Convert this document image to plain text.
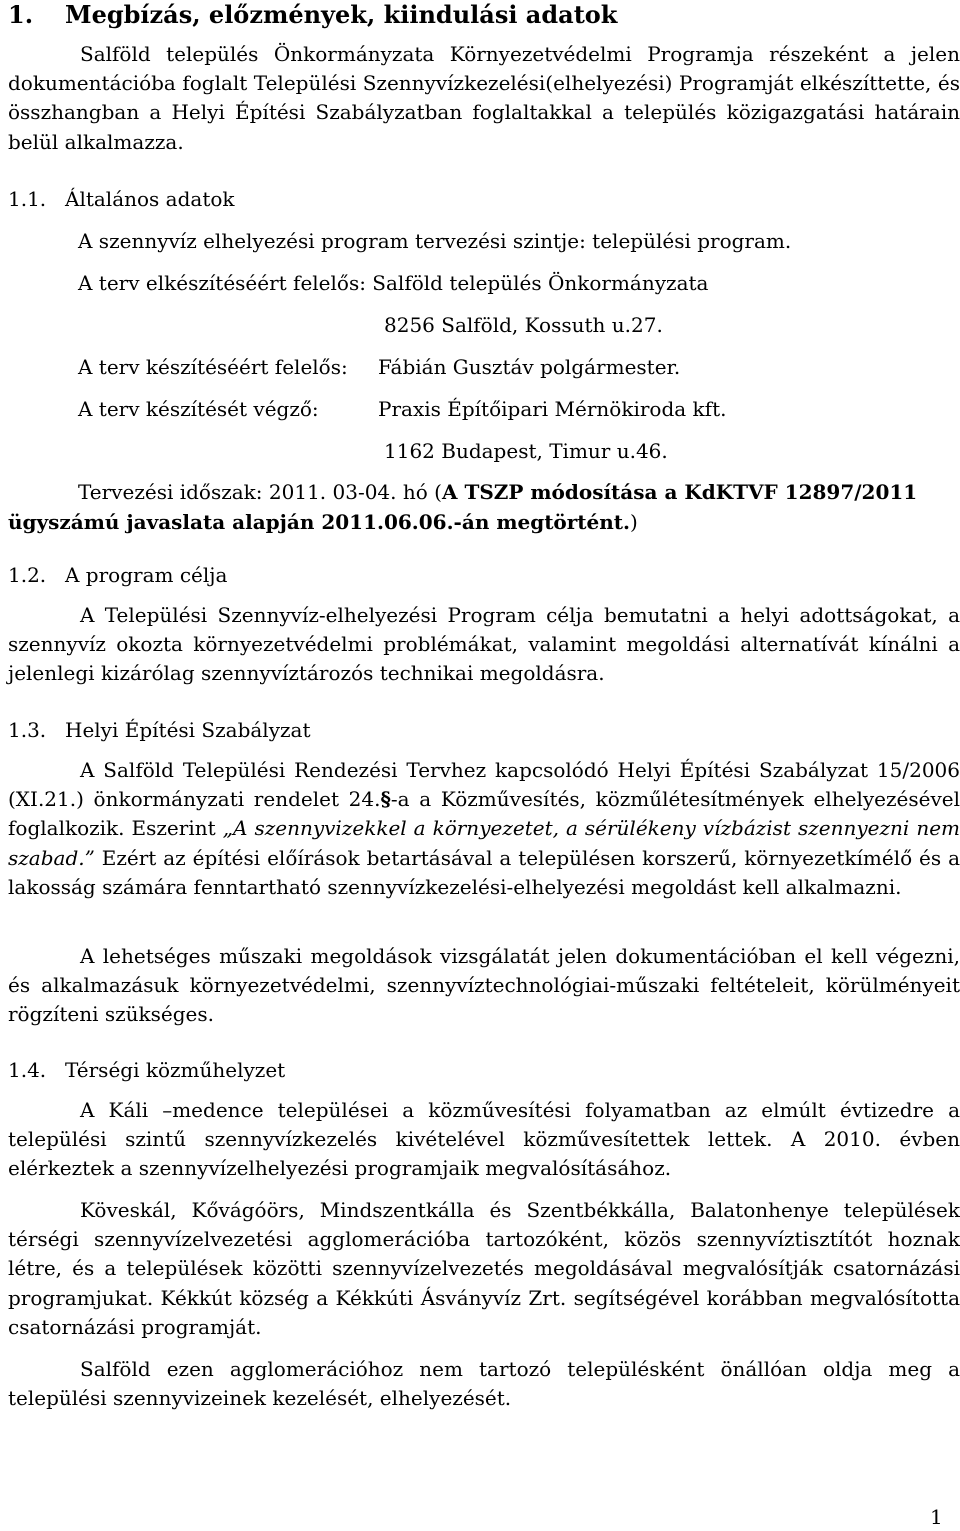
1. Megbízás, előzmények, kiindulási adatok

Salföld település Önkormányzata Környezetvédelmi Programja részeként a jelen dokumentációba foglalt Települési Szennyvízkezelési(elhelyezési) Programját elkészíttette, és összhangban a Helyi Építési Szabályzatban foglaltakkal a település közigazgatási határain belül alkalmazza.

1.1. Általános adatok
A szennyvíz elhelyezési program tervezési szintje: települési program.
A terv elkészítéséért felelős: Salföld település Önkormányzata
8256 Salföld, Kossuth u.27.
A terv készítéséért felelős: Fábián Gusztáv polgármester.
A terv készítését végző:	Praxis Építőipari Mérnökiroda kft.
1162 Budapest, Timur u.46.
Tervezési időszak: 2011. 03-04. hó (A TSZP módosítása a KdKTVF 12897/2011
ügyszámú javaslata alapján 2011.06.06.-án megtörtént.)
1.2. A program célja

A Települési Szennyvíz-elhelyezési Program célja bemutatni a helyi adottságokat, a szennyvíz okozta környezetvédelmi problémákat, valamint megoldási alternatívát kínálni a jelenlegi kizárólag szennyvíztározós technikai megoldásra.

1.3. Helyi Építési Szabályzat

A Salföld Települési Rendezési Tervhez kapcsolódó Helyi Építési Szabályzat 15/2006 (XI.21.) önkormányzati rendelet 24.§-a a Közművesítés, közműlétesítmények elhelyezésével foglalkozik. Eszerint „A szennyvizekkel a környezetet, a sérülékeny vízbázist szennyezni nem szabad.” Ezért az építési előírások betartásával a településen korszerű, környezetkímélő és a lakosság számára fenntartható szennyvízkezelési-elhelyezési megoldást kell alkalmazni.

A lehetséges műszaki megoldások vizsgálatát jelen dokumentációban el kell végezni, és alkalmazásuk környezetvédelmi, szennyvíztechnológiai-műszaki feltételeit, körülményeit rögzíteni szükséges.

1.4. Térségi közműhelyzet

A Káli –medence települései a közművesítési folyamatban az elmúlt évtizedre a települési szintű szennyvízkezelés kivételével közművesítettek lettek. A 2010. évben elérkeztek a szennyvízelhelyezési programjaik megvalósításához.

Köveskál, Kővágóörs, Mindszentkálla és Szentbékkálla, Balatonhenye települések térségi szennyvízelvezetési agglomerációba tartozóként, közös szennyvíztisztítót hoznak létre, és a települések közötti szennyvízelvezetés megoldásával megvalósítják csatornázási programjukat. Kékkút község a Kékkúti Ásványvíz Zrt. segítségével korábban megvalósította csatornázási programját.

Salföld ezen agglomerációhoz nem tartozó településként önállóan oldja meg a települési szennyvizeinek kezelését, elhelyezését.

1
